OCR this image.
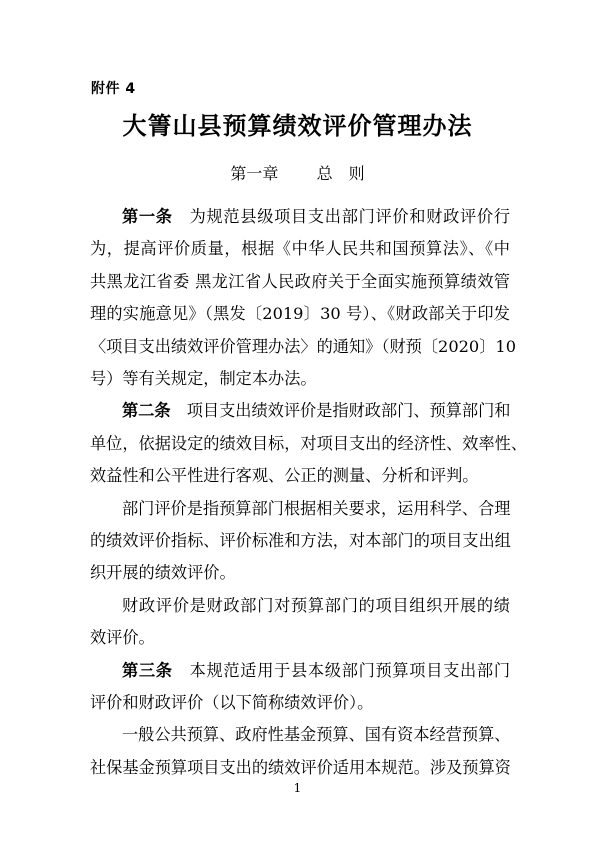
附件 4
大箐山县预算绩效评价管理办法
第一章 总　则
第一条　为规范县级项目支出部门评价和财政评价行
为，提高评价质量，根据《中华人民共和国预算法》、《中
共黑龙江省委 黑龙江省人民政府关于全面实施预算绩效管
理的实施意见》（黑发〔2019〕30 号）、《财政部关于印发
〈项目支出绩效评价管理办法〉的通知》（财预〔2020〕10
号）等有关规定，制定本办法。
第二条　项目支出绩效评价是指财政部门、预算部门和
单位，依据设定的绩效目标，对项目支出的经济性、效率性、
效益性和公平性进行客观、公正的测量、分析和评判。
部门评价是指预算部门根据相关要求，运用科学、合理
的绩效评价指标、评价标准和方法，对本部门的项目支出组
织开展的绩效评价。
财政评价是财政部门对预算部门的项目组织开展的绩
效评价。
第三条　本规范适用于县本级部门预算项目支出部门
评价和财政评价（以下简称绩效评价）。
一般公共预算、政府性基金预算、国有资本经营预算、
社保基金预算项目支出的绩效评价适用本规范。涉及预算资
1
